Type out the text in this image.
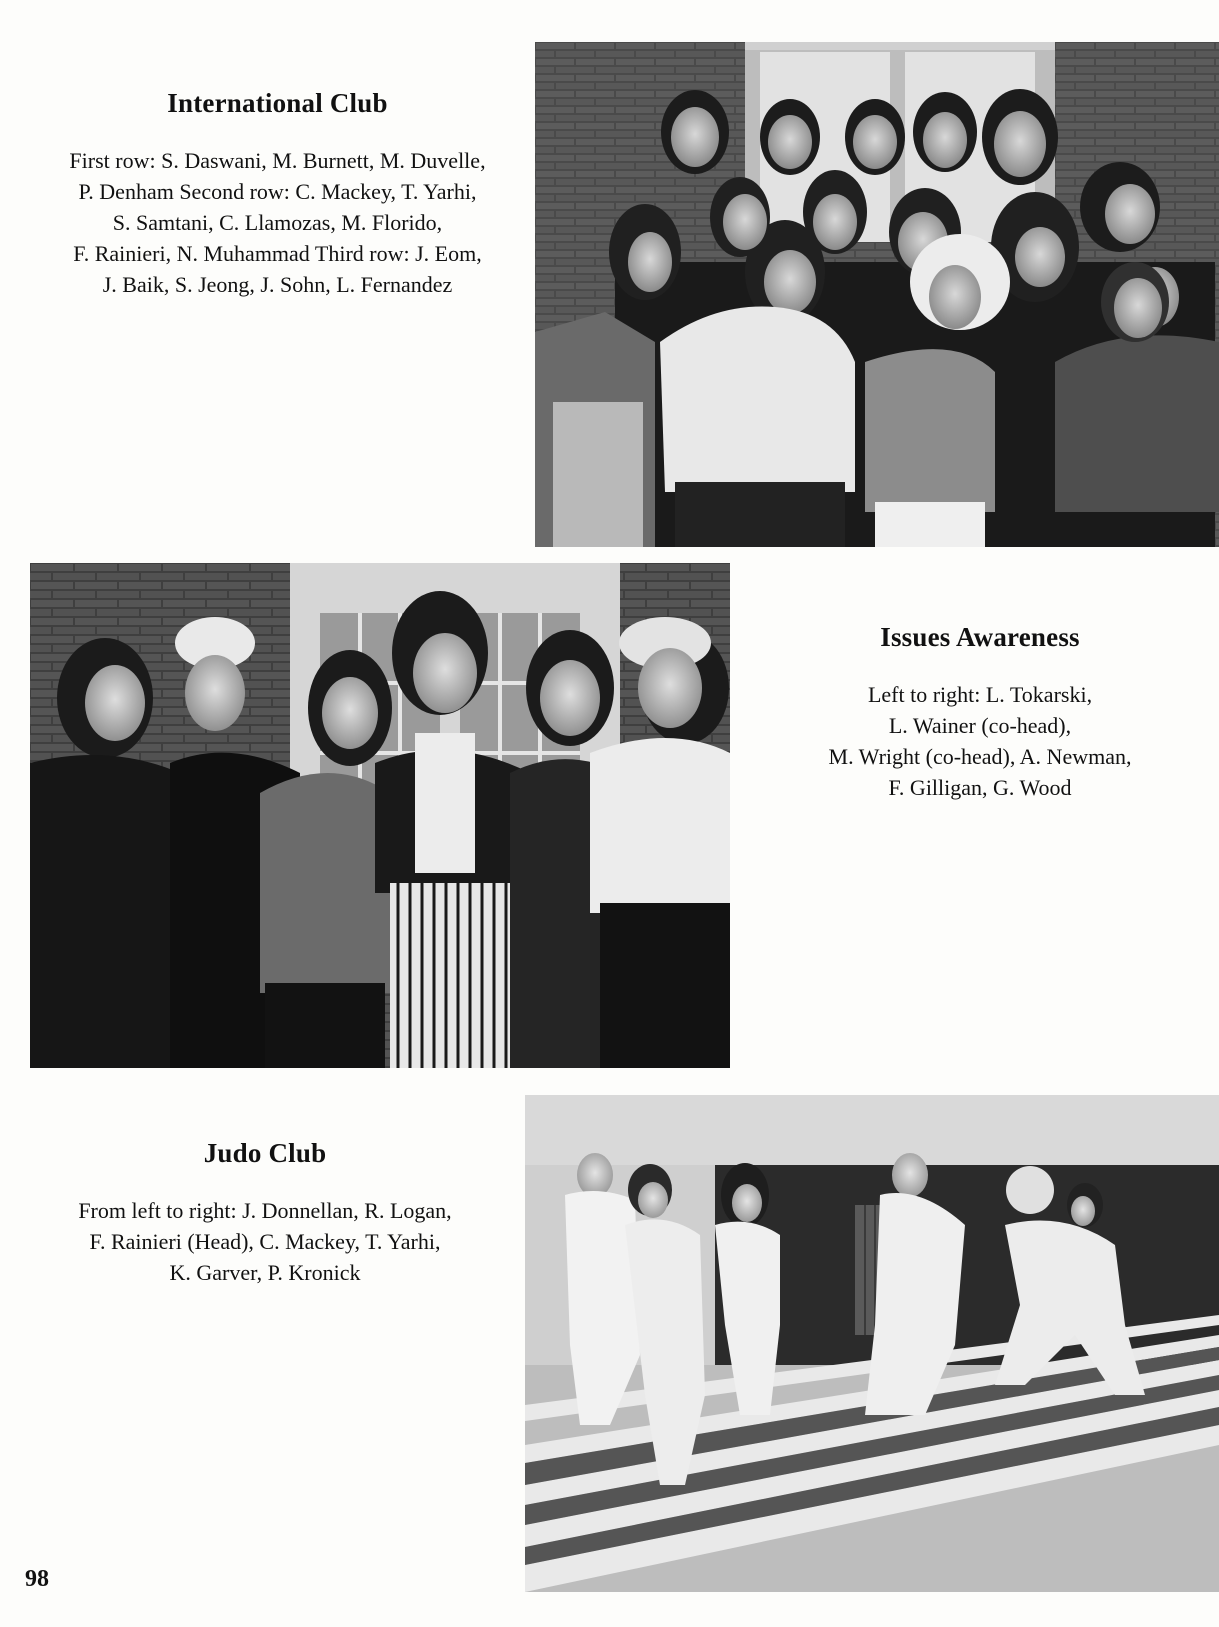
International Club

First row: S. Daswani, M. Burnett, M. Duvelle,
P. Denham Second row: C. Mackey, T. Yarhi,
S. Samtani, C. Llamozas, M. Florido,
F. Rainieri, N. Muhammad Third row: J. Eom,
J. Baik, S. Jeong, J. Sohn, L. Fernandez

Issues Awareness

Left to right: L. Tokarski,
L. Wainer (co-head),
M. Wright (co-head), A. Newman,
F. Gilligan, G. Wood

Judo Club

From left to right: J. Donnellan, R. Logan,
F. Rainieri (Head), C. Mackey, T. Yarhi,
K. Garver, P. Kronick

98
